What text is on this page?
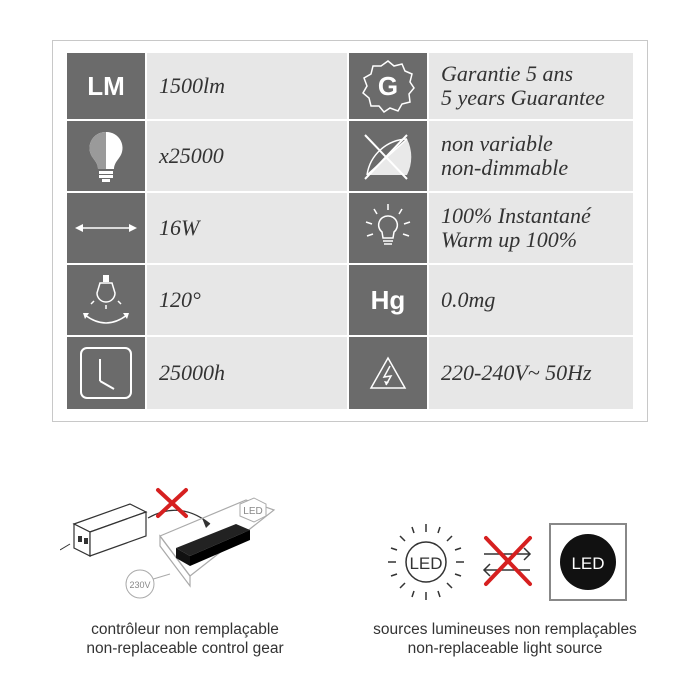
LM 1500lm
x25000
16W
120°
25000h
G Garantie 5 ans
5 years Guarantee
non variable
non-dimmable
100% Instantané
Warm up 100%
Hg 0.0mg
220-240V~ 50Hz
LED
230V
LED	LED
contrôleur non remplaçable
non-replaceable control gear
sources lumineuses non remplaçables
non-replaceable light source
